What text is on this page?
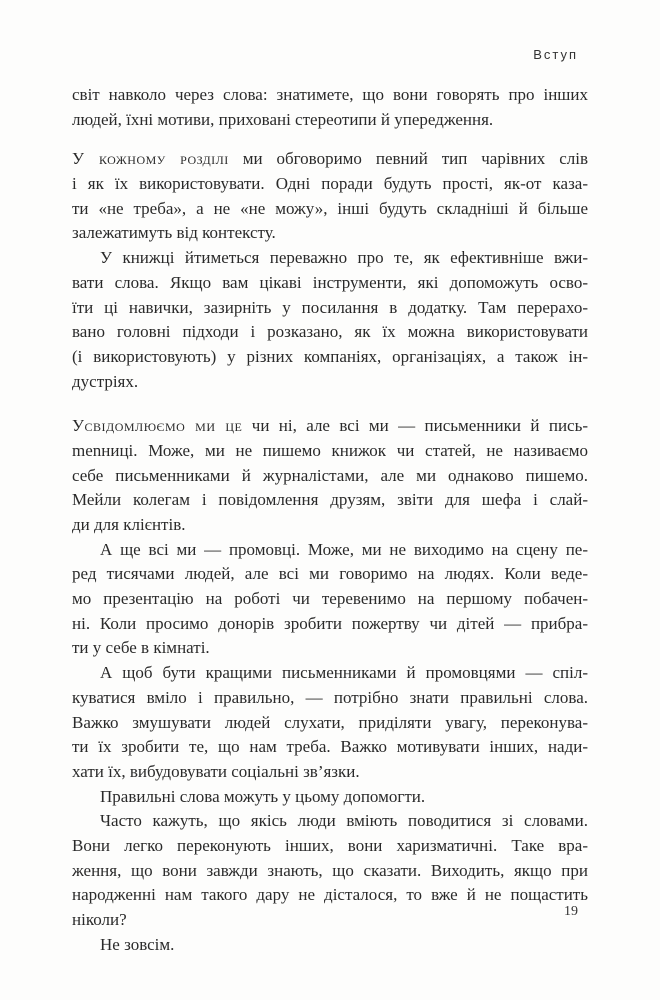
Вступ
світ навколо через слова: знатимете, що вони говорять про інших
людей, їхні мотиви, приховані стереотипи й упередження.
У кожному розділі ми обговоримо певний тип чарівних слів
і як їх використовувати. Одні поради будуть прості, як-от каза-
ти «не треба», а не «не можу», інші будуть складніші й більше
залежатимуть від контексту.
У книжці йтиметься переважно про те, як ефективніше вжи-
вати слова. Якщо вам цікаві інструменти, які допоможуть осво-
їти ці навички, зазирніть у посилання в додатку. Там перерахо-
вано головні підходи і розказано, як їх можна використовувати
(і використовують) у різних компаніях, організаціях, а також ін-
дустріях.
Усвідомлюємо ми це чи ні, але всі ми — письменники й пись-
menниці. Може, ми не пишемо книжок чи статей, не називаємо
себе письменниками й журналістами, але ми однаково пишемо.
Мейли колегам і повідомлення друзям, звіти для шефа і слай-
ди для клієнтів.
А ще всі ми — промовці. Може, ми не виходимо на сцену пе-
ред тисячами людей, але всі ми говоримо на людях. Коли веде-
мо презентацію на роботі чи теревенимо на першому побачен-
ні. Коли просимо донорів зробити пожертву чи дітей — прибра-
ти у себе в кімнаті.
А щоб бути кращими письменниками й промовцями — спіл-
куватися вміло і правильно, — потрібно знати правильні слова.
Важко змушувати людей слухати, приділяти увагу, переконува-
ти їх зробити те, що нам треба. Важко мотивувати інших, нади-
хати їх, вибудовувати соціальні зв’язки.
Правильні слова можуть у цьому допомогти.
Часто кажуть, що якісь люди вміють поводитися зі словами.
Вони легко переконують інших, вони харизматичні. Таке вра-
ження, що вони завжди знають, що сказати. Виходить, якщо при
народженні нам такого дару не дісталося, то вже й не пощастить
ніколи?
Не зовсім.
19
